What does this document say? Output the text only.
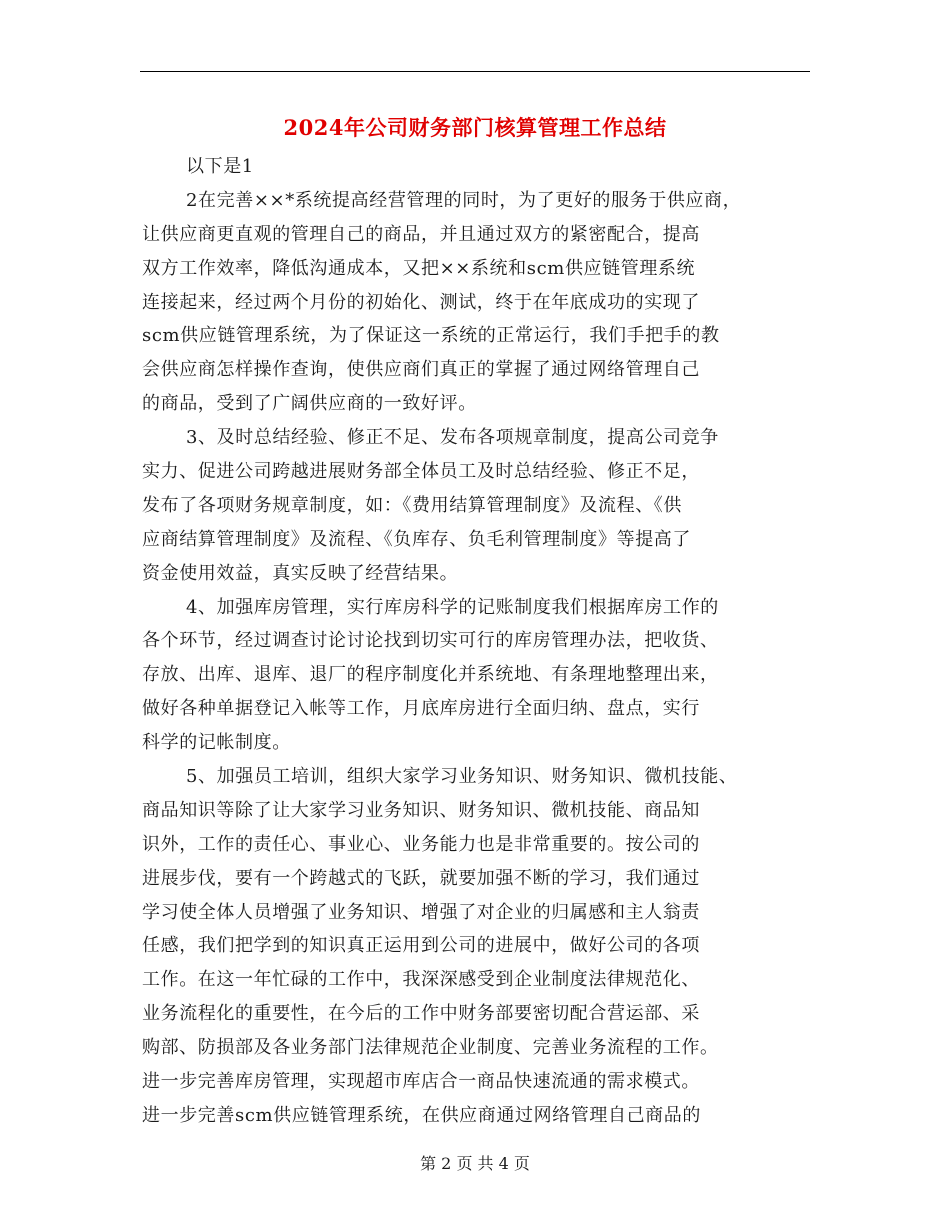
2024年公司财务部门核算管理工作总结
以下是1
2在完善××*系统提高经营管理的同时，为了更好的服务于供应商，
让供应商更直观的管理自己的商品，并且通过双方的紧密配合，提高
双方工作效率，降低沟通成本，又把××系统和scm供应链管理系统
连接起来，经过两个月份的初始化、测试，终于在年底成功的实现了
scm供应链管理系统，为了保证这一系统的正常运行，我们手把手的教
会供应商怎样操作查询，使供应商们真正的掌握了通过网络管理自己
的商品，受到了广阔供应商的一致好评。
3、及时总结经验、修正不足、发布各项规章制度，提高公司竞争
实力、促进公司跨越进展财务部全体员工及时总结经验、修正不足，
发布了各项财务规章制度，如：《费用结算管理制度》及流程、《供
应商结算管理制度》及流程、《负库存、负毛利管理制度》等提高了
资金使用效益，真实反映了经营结果。
4、加强库房管理，实行库房科学的记账制度我们根据库房工作的
各个环节，经过调查讨论讨论找到切实可行的库房管理办法，把收货、
存放、出库、退库、退厂的程序制度化并系统地、有条理地整理出来，
做好各种单据登记入帐等工作，月底库房进行全面归纳、盘点，实行
科学的记帐制度。
5、加强员工培训，组织大家学习业务知识、财务知识、微机技能、
商品知识等除了让大家学习业务知识、财务知识、微机技能、商品知
识外，工作的责任心、事业心、业务能力也是非常重要的。按公司的
进展步伐，要有一个跨越式的飞跃，就要加强不断的学习，我们通过
学习使全体人员增强了业务知识、增强了对企业的归属感和主人翁责
任感，我们把学到的知识真正运用到公司的进展中，做好公司的各项
工作。在这一年忙碌的工作中，我深深感受到企业制度法律规范化、
业务流程化的重要性，在今后的工作中财务部要密切配合营运部、采
购部、防损部及各业务部门法律规范企业制度、完善业务流程的工作。
进一步完善库房管理，实现超市库店合一商品快速流通的需求模式。
进一步完善scm供应链管理系统，在供应商通过网络管理自己商品的
第 2 页 共 4 页
